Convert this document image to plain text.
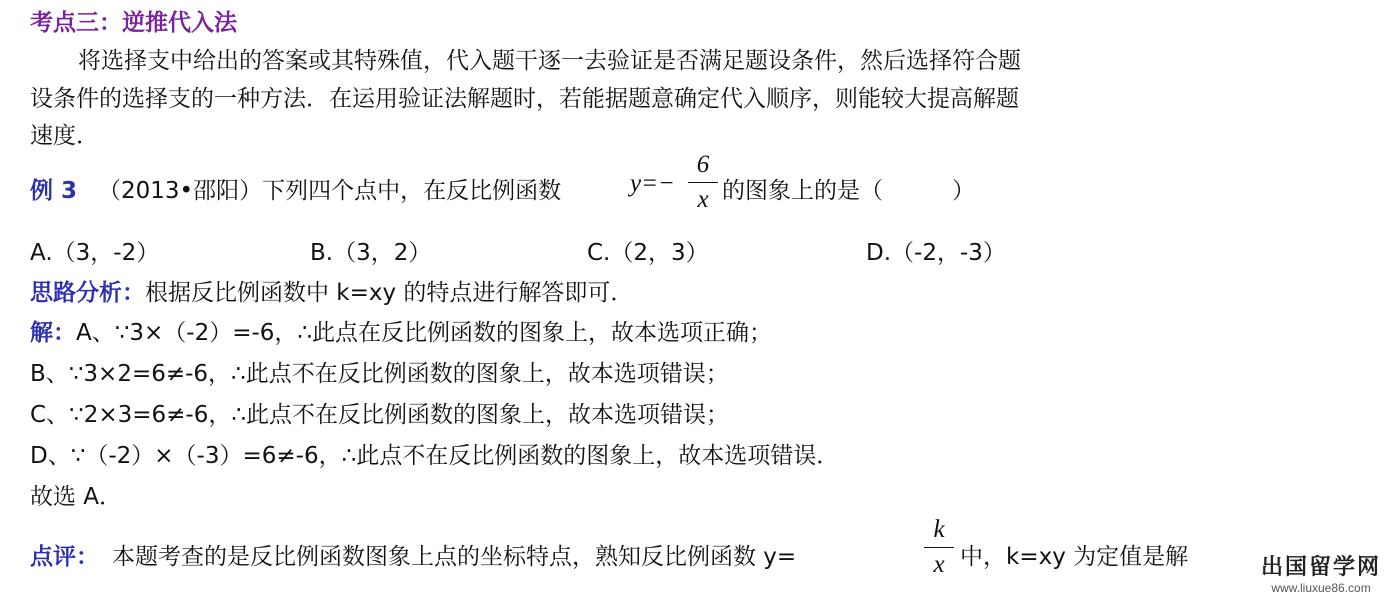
考点三：逆推代入法
将选择支中给出的答案或其特殊值，代入题干逐一去验证是否满足题设条件，然后选择符合题
设条件的选择支的一种方法．在运用验证法解题时，若能据题意确定代入顺序，则能较大提高解题
速度．
例 3 （2013•邵阳）下列四个点中，在反比例函数	y=−
6
x 的图象上的是（　　　）
A.（3，-2）	B.（3，2）	C.（2，3）	D.（-2，-3）
思路分析：根据反比例函数中 k=xy 的特点进行解答即可．
解：A、∵3×（-2）=-6，∴此点在反比例函数的图象上，故本选项正确；
B、∵3×2=6≠-6，∴此点不在反比例函数的图象上，故本选项错误；
C、∵2×3=6≠-6，∴此点不在反比例函数的图象上，故本选项错误；
D、∵（-2）×（-3）=6≠-6，∴此点不在反比例函数的图象上，故本选项错误．
故选 A．
点评： 本题考查的是反比例函数图象上点的坐标特点，熟知反比例函数 y=
k
x 中，k=xy 为定值是解	出国留学网
www.liuxue86.com
